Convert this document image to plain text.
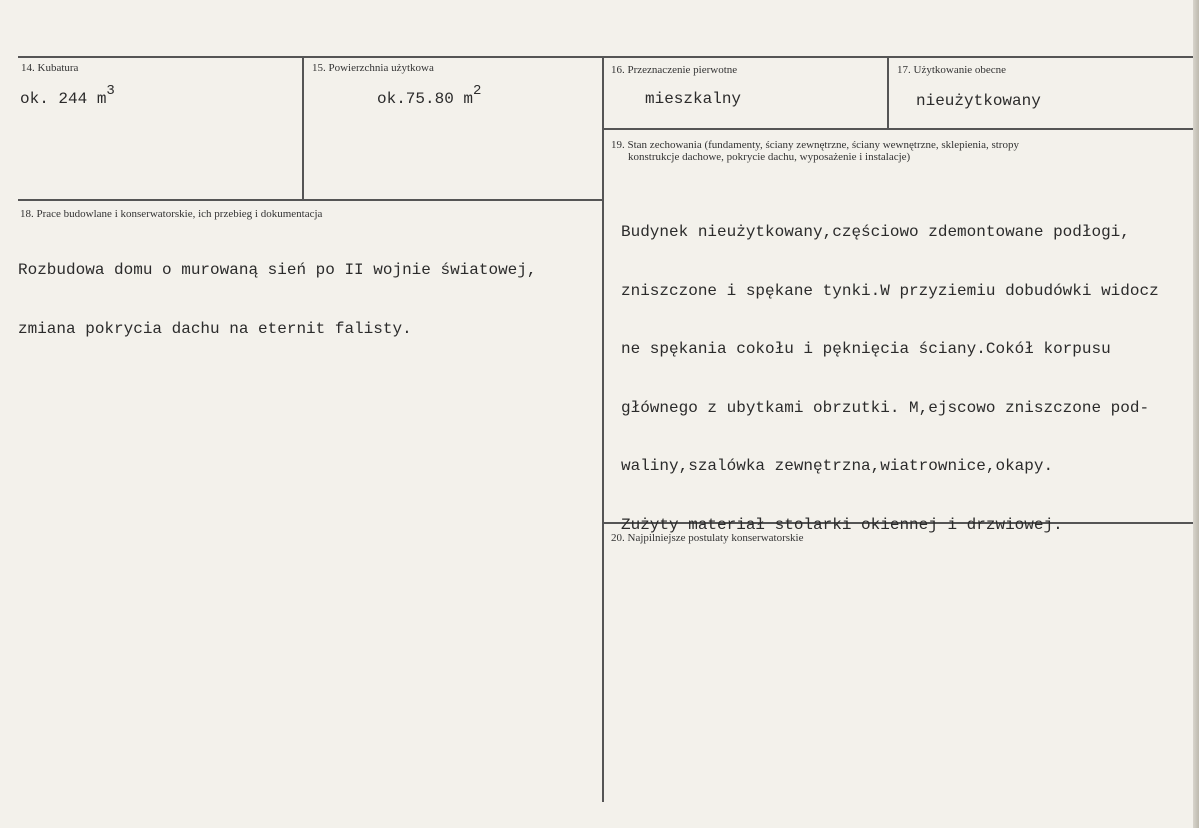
14. Kubatura
ok. 244 m3
15. Powierzchnia użytkowa
ok.75.80 m2
16. Przeznaczenie pierwotne
mieszkalny
17. Użytkowanie obecne
nieużytkowany
18. Prace budowlane i konserwatorskie, ich przebieg i dokumentacja

Rozbudowa domu o murowaną sień po II wojnie światowej,

zmiana pokrycia dachu na eternit falisty.

19. Stan zechowania (fundamenty, ściany zewnętrzne, ściany wewnętrzne, sklepienia, stropy
konstrukcje dachowe, pokrycie dachu, wyposażenie i instalacje)

Budynek nieużytkowany,częściowo zdemontowane podłogi,

zniszczone i spękane tynki.W przyziemiu dobudówki widocz

ne spękania cokołu i pęknięcia ściany.Cokół korpusu

głównego z ubytkami obrzutki. M,ejscowo zniszczone pod-

waliny,szalówka zewnętrzna,wiatrownice,okapy.

Zużyty materiał stolarki okiennej i drzwiowej.

20. Najpilniejsze postulaty konserwatorskie
